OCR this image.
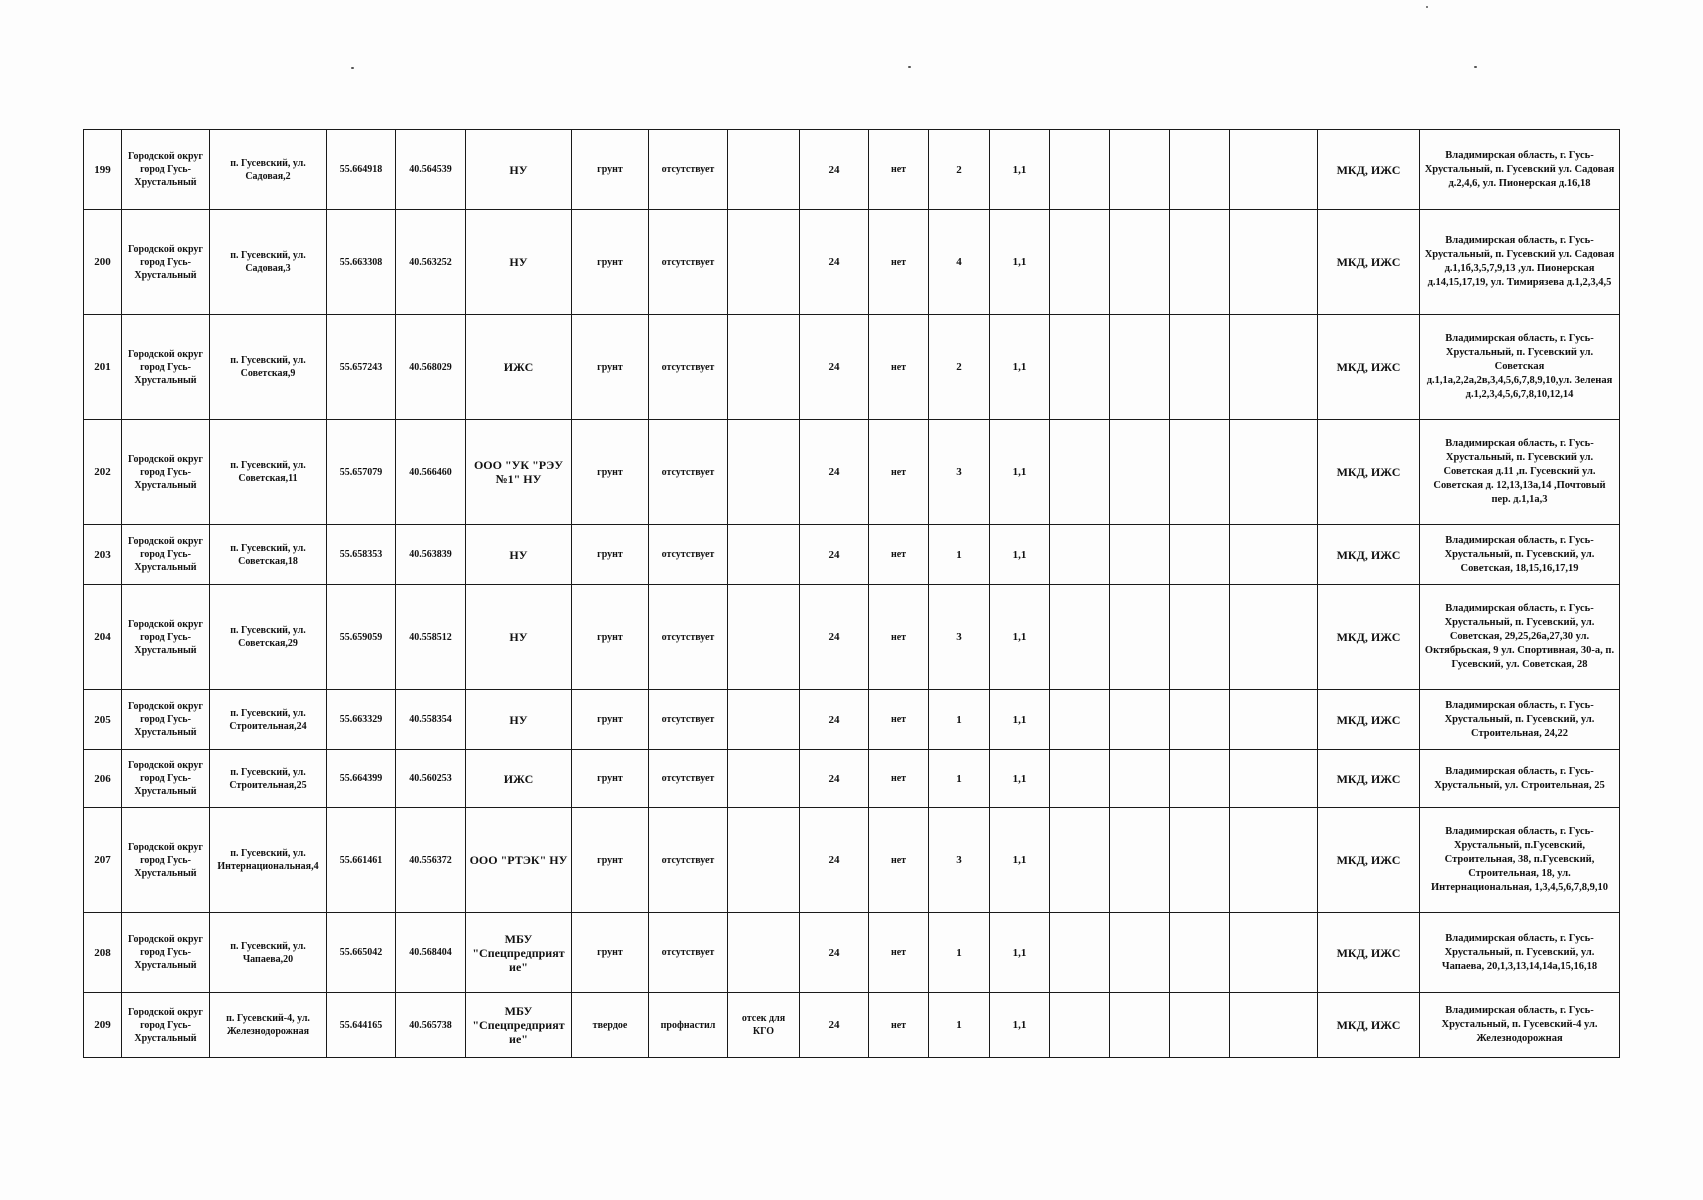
199	Городской округ город Гусь-Хрустальный	п. Гусевский, ул. Садовая,2	55.664918	40.564539	НУ	грунт	отсутствует		24	нет	2	1,1					МКД, ИЖС	Владимирская область, г. Гусь-Хрустальный, п. Гусевский ул. Садовая д.2,4,6, ул. Пионерская д.16,18
200	Городской округ город Гусь-Хрустальный	п. Гусевский, ул. Садовая,3	55.663308	40.563252	НУ	грунт	отсутствует		24	нет	4	1,1					МКД, ИЖС	Владимирская область, г. Гусь-Хрустальный, п. Гусевский ул. Садовая д.1,1б,3,5,7,9,13 ,ул. Пионерская д.14,15,17,19, ул. Тимирязева д.1,2,3,4,5
201	Городской округ город Гусь-Хрустальный	п. Гусевский, ул. Советская,9	55.657243	40.568029	ИЖС	грунт	отсутствует		24	нет	2	1,1					МКД, ИЖС	Владимирская область, г. Гусь-Хрустальный, п. Гусевский ул. Советская д.1,1а,2,2а,2в,3,4,5,6,7,8,9,10,ул. Зеленая д.1,2,3,4,5,6,7,8,10,12,14
202	Городской округ город Гусь-Хрустальный	п. Гусевский, ул. Советская,11	55.657079	40.566460	ООО "УК "РЭУ №1" НУ	грунт	отсутствует		24	нет	3	1,1					МКД, ИЖС	Владимирская область, г. Гусь-Хрустальный, п. Гусевский ул. Советская д.11 ,п. Гусевский ул. Советская д. 12,13,13а,14 ,Почтовый пер. д.1,1а,3
203	Городской округ город Гусь-Хрустальный	п. Гусевский, ул. Советская,18	55.658353	40.563839	НУ	грунт	отсутствует		24	нет	1	1,1					МКД, ИЖС	Владимирская область, г. Гусь-Хрустальный, п. Гусевский, ул. Советская, 18,15,16,17,19
204	Городской округ город Гусь-Хрустальный	п. Гусевский, ул. Советская,29	55.659059	40.558512	НУ	грунт	отсутствует		24	нет	3	1,1					МКД, ИЖС	Владимирская область, г. Гусь-Хрустальный, п. Гусевский, ул. Советская, 29,25,26а,27,30 ул. Октябрьская, 9 ул. Спортивная, 30-а, п. Гусевский, ул. Советская, 28
205	Городской округ город Гусь-Хрустальный	п. Гусевский, ул. Строительная,24	55.663329	40.558354	НУ	грунт	отсутствует		24	нет	1	1,1					МКД, ИЖС	Владимирская область, г. Гусь-Хрустальный, п. Гусевский, ул. Строительная, 24,22
206	Городской округ город Гусь-Хрустальный	п. Гусевский, ул. Строительная,25	55.664399	40.560253	ИЖС	грунт	отсутствует		24	нет	1	1,1					МКД, ИЖС	Владимирская область, г. Гусь-Хрустальный, ул. Строительная, 25
207	Городской округ город Гусь-Хрустальный	п. Гусевский, ул. Интернациональная,4	55.661461	40.556372	ООО "РТЭК" НУ	грунт	отсутствует		24	нет	3	1,1					МКД, ИЖС	Владимирская область, г. Гусь-Хрустальный, п.Гусевский, Строительная, 38, п.Гусевский, Строительная, 18, ул. Интернациональная, 1,3,4,5,6,7,8,9,10
208	Городской округ город Гусь-Хрустальный	п. Гусевский, ул. Чапаева,20	55.665042	40.568404	МБУ "Спецпредприятие"	грунт	отсутствует		24	нет	1	1,1					МКД, ИЖС	Владимирская область, г. Гусь-Хрустальный, п. Гусевский, ул. Чапаева, 20,1,3,13,14,14а,15,16,18
209	Городской округ город Гусь-Хрустальный	п. Гусевский-4, ул. Железнодорожная	55.644165	40.565738	МБУ "Спецпредприятие"	твердое	профнастил	отсек для КГО	24	нет	1	1,1					МКД, ИЖС	Владимирская область, г. Гусь-Хрустальный, п. Гусевский-4 ул. Железнодорожная
